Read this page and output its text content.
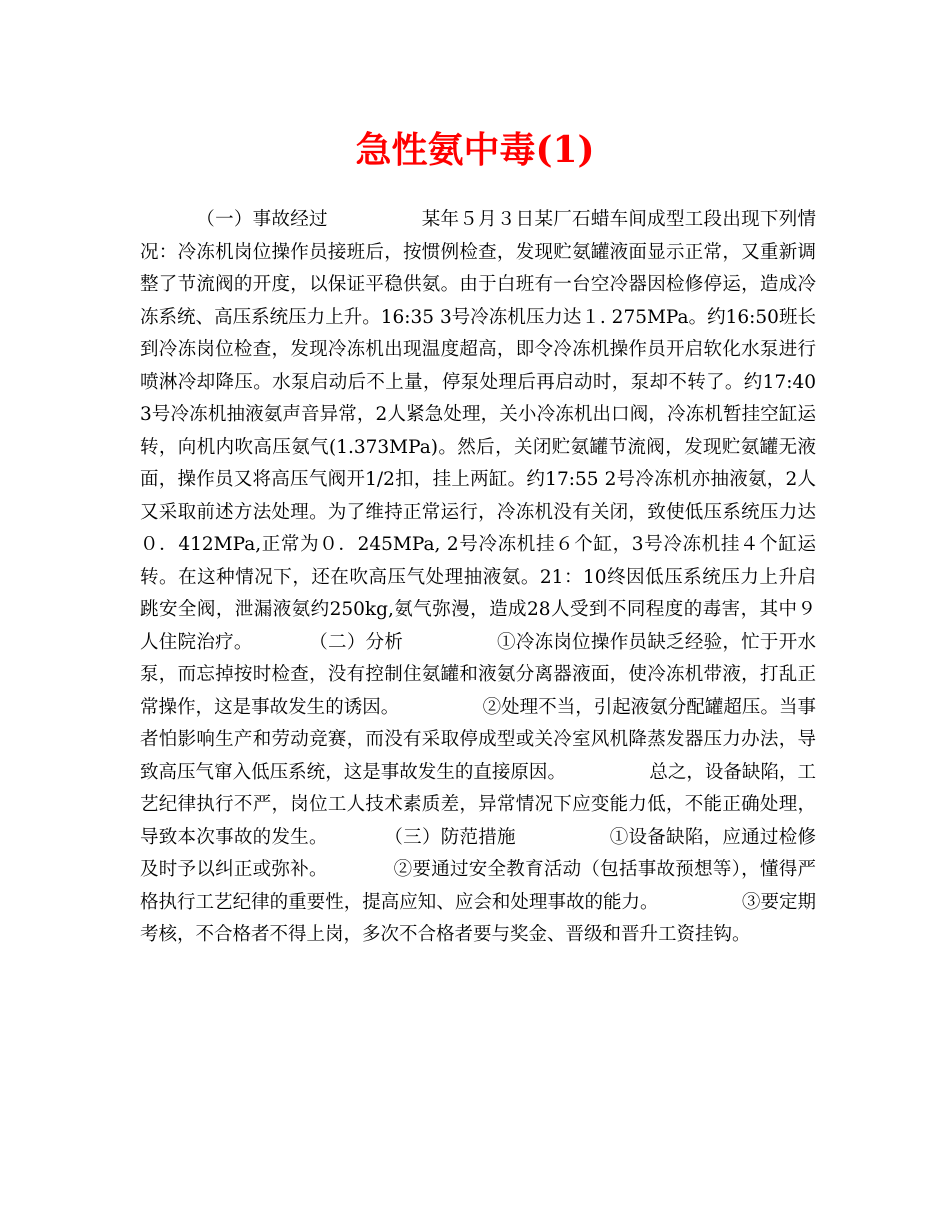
急性氨中毒(1)

（一）事故经过　　　　　某年５月３日某厂石蜡车间成型工段出现下列情况：冷冻机岗位操作员接班后，按惯例检查，发现贮氨罐液面显示正常，又重新调整了节流阀的开度，以保证平稳供氨。由于白班有一台空冷器因检修停运，造成冷冻系统、高压系统压力上升。16:35 3号冷冻机压力达１. 275MPa。约16:50班长到冷冻岗位检查，发现冷冻机出现温度超高，即令冷冻机操作员开启软化水泵进行喷淋冷却降压。水泵启动后不上量，停泵处理后再启动时，泵却不转了。约17:40 3号冷冻机抽液氨声音异常，2人紧急处理，关小冷冻机出口阀，冷冻机暂挂空缸运转，向机内吹高压氨气(1.373MPa)。然后，关闭贮氨罐节流阀，发现贮氨罐无液面，操作员又将高压气阀开1/2扣，挂上两缸。约17:55 2号冷冻机亦抽液氨，2人又采取前述方法处理。为了维持正常运行，冷冻机没有关闭，致使低压系统压力达０．412MPa,正常为０．245MPa, 2号冷冻机挂６个缸，3号冷冻机挂４个缸运转。在这种情况下，还在吹高压气处理抽液氨。21：10终因低压系统压力上升启跳安全阀，泄漏液氨约250kg,氨气弥漫，造成28人受到不同程度的毒害，其中９人住院治疗。　　　　（二）分析　　　　　①冷冻岗位操作员缺乏经验，忙于开水泵，而忘掉按时检查，没有控制住氨罐和液氨分离器液面，使冷冻机带液，打乱正常操作，这是事故发生的诱因。　　　　　②处理不当，引起液氨分配罐超压。当事者怕影响生产和劳动竞赛，而没有采取停成型或关冷室风机降蒸发器压力办法，导致高压气窜入低压系统，这是事故发生的直接原因。　　　　　总之，设备缺陷，工艺纪律执行不严，岗位工人技术素质差，异常情况下应变能力低，不能正确处理，导致本次事故的发生。　　　　（三）防范措施　　　　　①设备缺陷，应通过检修及时予以纠正或弥补。　　　　②要通过安全教育活动（包括事故预想等），懂得严格执行工艺纪律的重要性，提高应知、应会和处理事故的能力。　　　　　③要定期考核，不合格者不得上岗，多次不合格者要与奖金、晋级和晋升工资挂钩。
